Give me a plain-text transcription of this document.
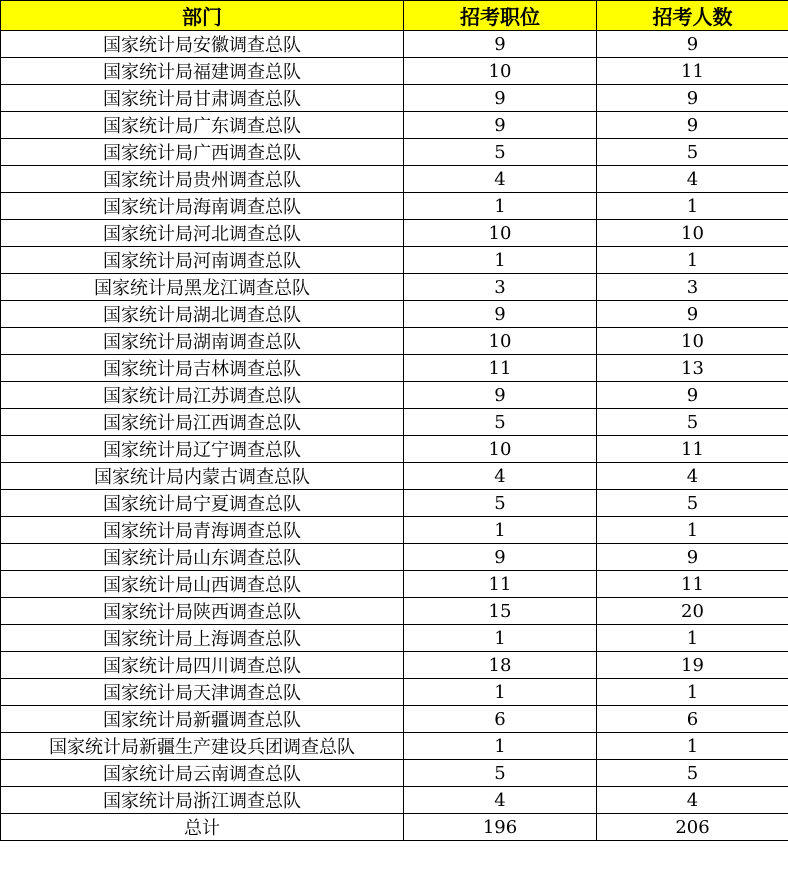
部门	招考职位	招考人数
国家统计局安徽调查总队	9	9
国家统计局福建调查总队	10	11
国家统计局甘肃调查总队	9	9
国家统计局广东调查总队	9	9
国家统计局广西调查总队	5	5
国家统计局贵州调查总队	4	4
国家统计局海南调查总队	1	1
国家统计局河北调查总队	10	10
国家统计局河南调查总队	1	1
国家统计局黑龙江调查总队	3	3
国家统计局湖北调查总队	9	9
国家统计局湖南调查总队	10	10
国家统计局吉林调查总队	11	13
国家统计局江苏调查总队	9	9
国家统计局江西调查总队	5	5
国家统计局辽宁调查总队	10	11
国家统计局内蒙古调查总队	4	4
国家统计局宁夏调查总队	5	5
国家统计局青海调查总队	1	1
国家统计局山东调查总队	9	9
国家统计局山西调查总队	11	11
国家统计局陕西调查总队	15	20
国家统计局上海调查总队	1	1
国家统计局四川调查总队	18	19
国家统计局天津调查总队	1	1
国家统计局新疆调查总队	6	6
国家统计局新疆生产建设兵团调查总队	1	1
国家统计局云南调查总队	5	5
国家统计局浙江调查总队	4	4
总计	196	206
